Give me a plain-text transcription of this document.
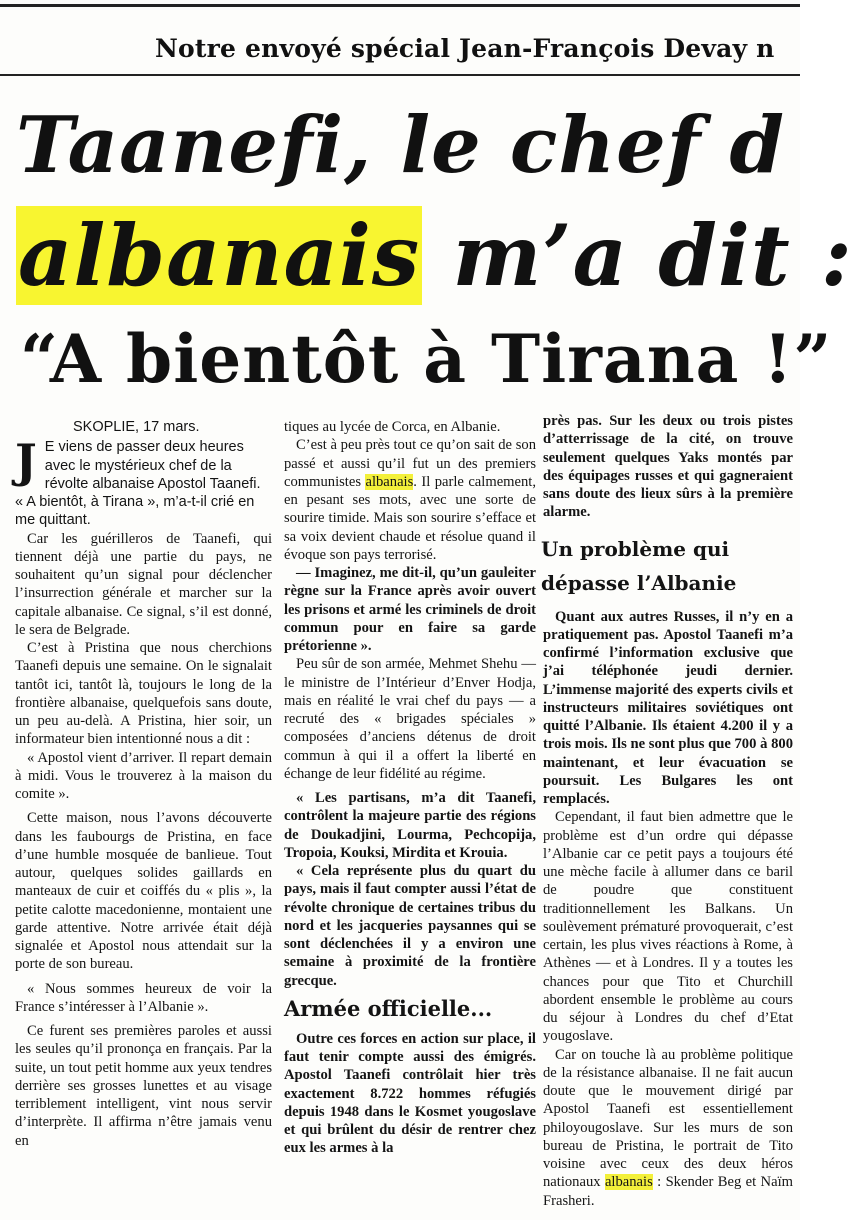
Notre envoyé spécial Jean-François Devay n
Taanefi, le chef d
albanais m’a dit :
“A bientôt à Tirana !”
SKOPLIE, 17 mars.
J E viens de passer deux heures avec le mystérieux chef de la révolte albanaise Apostol Taanefi. « A bientôt, à Tirana », m’a-t-il crié en me quittant.

Car les guérilleros de Taanefi, qui tiennent déjà une partie du pays, ne souhaitent qu’un signal pour déclencher l’insurrection générale et marcher sur la capitale albanaise. Ce signal, s’il est donné, le sera de Belgrade.

C’est à Pristina que nous cherchions Taanefi depuis une semaine. On le signalait tantôt ici, tantôt là, toujours le long de la frontière albanaise, quelquefois sans doute, un peu au-delà. A Pristina, hier soir, un informateur bien intentionné nous a dit :

« Apostol vient d’arriver. Il repart demain à midi. Vous le trouverez à la maison du comite ».

Cette maison, nous l’avons découverte dans les faubourgs de Pristina, en face d’une humble mosquée de banlieue. Tout autour, quelques solides gaillards en manteaux de cuir et coiffés du « plis », la petite calotte macedonienne, montaient une garde attentive. Notre arrivée était déjà signalée et Apostol nous attendait sur la porte de son bureau.

« Nous sommes heureux de voir la France s’intéresser à l’Albanie ».

Ce furent ses premières paroles et aussi les seules qu’il prononça en français. Par la suite, un tout petit homme aux yeux tendres derrière ses grosses lunettes et au visage terriblement intelligent, vint nous servir d’interprète. Il affirma n’être jamais venu en

tiques au lycée de Corca, en Albanie.

C’est à peu près tout ce qu’on sait de son passé et aussi qu’il fut un des premiers communistes albanais. Il parle calmement, en pesant ses mots, avec une sorte de sourire timide. Mais son sourire s’efface et sa voix devient chaude et résolue quand il évoque son pays terrorisé.

— Imaginez, me dit-il, qu’un gauleiter règne sur la France après avoir ouvert les prisons et armé les criminels de droit commun pour en faire sa garde prétorienne ».

Peu sûr de son armée, Mehmet Shehu — le ministre de l’Intérieur d’Enver Hodja, mais en réalité le vrai chef du pays — a recruté des « brigades spéciales » composées d’anciens détenus de droit commun à qui il a offert la liberté en échange de leur fidélité au régime.

« Les partisans, m’a dit Taanefi, contrôlent la majeure partie des régions de Doukadjini, Lourma, Pechcopija, Tropoia, Kouksi, Mirdita et Krouia.

« Cela représente plus du quart du pays, mais il faut compter aussi l’état de révolte chronique de certaines tribus du nord et les jacqueries paysannes qui se sont déclenchées il y a environ une semaine à proximité de la frontière grecque.

Armée officielle...

Outre ces forces en action sur place, il faut tenir compte aussi des émigrés. Apostol Taanefi contrôlait hier très exactement 8.722 hommes réfugiés depuis 1948 dans le Kosmet yougoslave et qui brûlent du désir de rentrer chez eux les armes à la

près pas. Sur les deux ou trois pistes d’atterrissage de la cité, on trouve seulement quelques Yaks montés par des équipages russes et qui gagneraient sans doute des lieux sûrs à la première alarme.

Un problème qui
dépasse l’Albanie

Quant aux autres Russes, il n’y en a pratiquement pas. Apostol Taanefi m’a confirmé l’information exclusive que j’ai téléphonée jeudi dernier. L’immense majorité des experts civils et instructeurs militaires soviétiques ont quitté l’Albanie. Ils étaient 4.200 il y a trois mois. Ils ne sont plus que 700 à 800 maintenant, et leur évacuation se poursuit. Les Bulgares les ont remplacés.

Cependant, il faut bien admettre que le problème est d’un ordre qui dépasse l’Albanie car ce petit pays a toujours été une mèche facile à allumer dans ce baril de poudre que constituent traditionnellement les Balkans. Un soulèvement prématuré provoquerait, c’est certain, les plus vives réactions à Rome, à Athènes — et à Londres. Il y a toutes les chances pour que Tito et Churchill abordent ensemble le problème au cours du séjour à Londres du chef d’Etat yougoslave.

Car on touche là au problème politique de la résistance albanaise. Il ne fait aucun doute que le mouvement dirigé par Apostol Taanefi est essentiellement philoyougoslave. Sur les murs de son bureau de Pristina, le portrait de Tito voisine avec ceux des deux héros nationaux albanais : Skender Beg et Naïm Frasheri.
